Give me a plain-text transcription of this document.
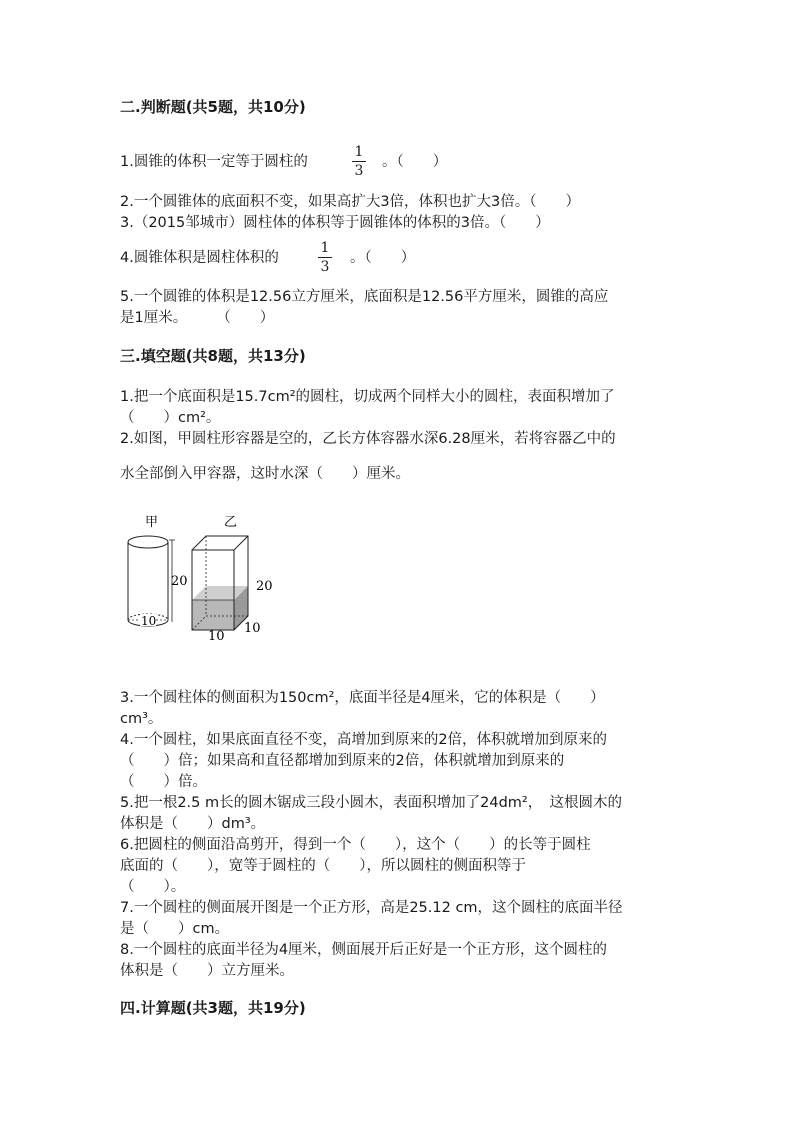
二.判断题(共5题，共10分)
1.圆锥的体积一定等于圆柱的
1
3
。（　　）
2.一个圆锥体的底面积不变，如果高扩大3倍，体积也扩大3倍。（　　）
3.（2015邹城市）圆柱体的体积等于圆锥体的体积的3倍。（　　）
4.圆锥体积是圆柱体积的
1
3
。（　　）
5.一个圆锥的体积是12.56立方厘米，底面积是12.56平方厘米，圆锥的高应
是1厘米。　　　（　　）
三.填空题(共8题，共13分)
1.把一个底面积是15.7cm²的圆柱，切成两个同样大小的圆柱，表面积增加了
（　　）cm²。
2.如图，甲圆柱形容器是空的，乙长方体容器水深6.28厘米，若将容器乙中的
水全部倒入甲容器，这时水深（　　）厘米。
甲
20
10
乙
20
10
10
3.一个圆柱体的侧面积为150cm²，底面半径是4厘米，它的体积是（　　）
cm³。
4.一个圆柱，如果底面直径不变，高增加到原来的2倍，体积就增加到原来的
（　　）倍；如果高和直径都增加到原来的2倍，体积就增加到原来的
（　　）倍。
5.把一根2.5 m长的圆木锯成三段小圆木，表面积增加了24dm²，　这根圆木的
体积是（　　）dm³。
6.把圆柱的侧面沿高剪开，得到一个（　　），这个（　　）的长等于圆柱
底面的（　　），宽等于圆柱的（　　），所以圆柱的侧面积等于
（　　）。
7.一个圆柱的侧面展开图是一个正方形，高是25.12 cm，这个圆柱的底面半径
是（　　）cm。
8.一个圆柱的底面半径为4厘米，侧面展开后正好是一个正方形，这个圆柱的
体积是（　　）立方厘米。
四.计算题(共3题，共19分)
